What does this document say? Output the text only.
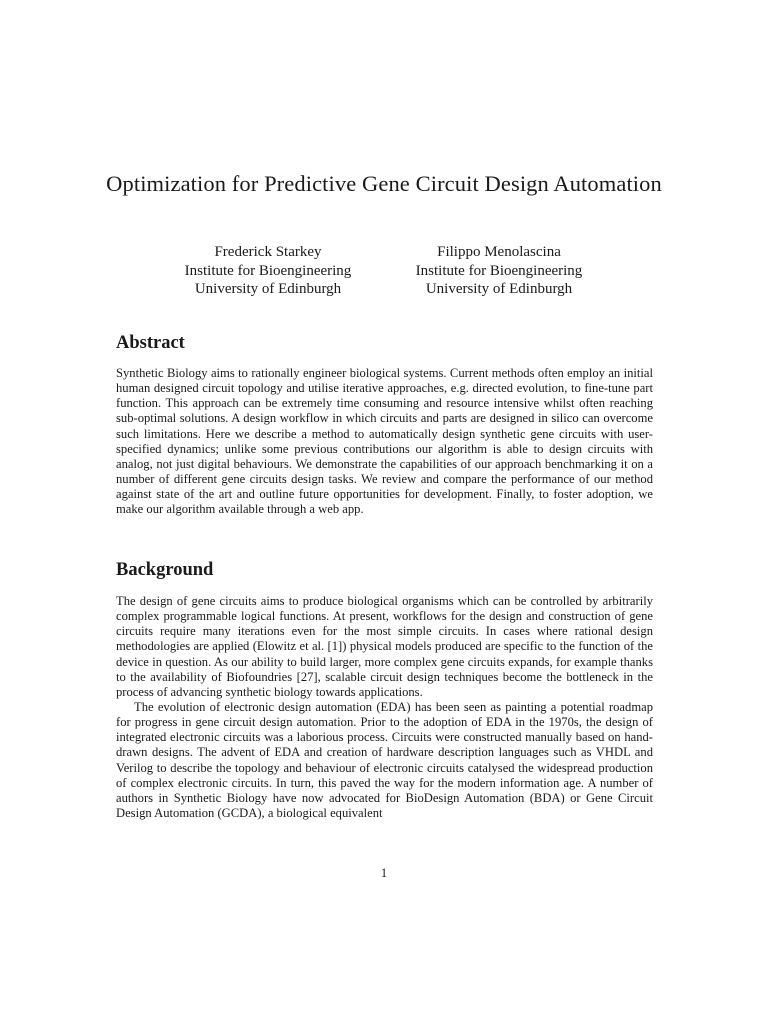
Optimization for Predictive Gene Circuit Design Automation
Frederick Starkey
Institute for Bioengineering
University of Edinburgh
Filippo Menolascina
Institute for Bioengineering
University of Edinburgh
Abstract

Synthetic Biology aims to rationally engineer biological systems. Current methods often employ an initial human designed circuit topology and utilise iterative approaches, e.g. directed evolution, to fine-tune part function. This approach can be extremely time consuming and resource intensive whilst often reaching sub-optimal solutions. A design workflow in which circuits and parts are designed in silico can overcome such limitations. Here we describe a method to automatically design synthetic gene circuits with user-specified dynamics; unlike some previous contributions our algorithm is able to design circuits with analog, not just digital behaviours. We demonstrate the capabilities of our approach benchmarking it on a number of different gene circuits design tasks. We review and compare the performance of our method against state of the art and outline future opportunities for development. Finally, to foster adoption, we make our algorithm available through a web app.

Background

The design of gene circuits aims to produce biological organisms which can be controlled by arbitrarily complex programmable logical functions. At present, workflows for the design and construction of gene circuits require many iterations even for the most simple circuits. In cases where rational design methodologies are applied (Elowitz et al. [1]) physical models produced are specific to the function of the device in question. As our ability to build larger, more complex gene circuits expands, for example thanks to the availability of Biofoundries [27], scalable circuit design techniques become the bottleneck in the process of advancing synthetic biology towards applications.

The evolution of electronic design automation (EDA) has been seen as painting a potential roadmap for progress in gene circuit design automation. Prior to the adoption of EDA in the 1970s, the design of integrated electronic circuits was a laborious process. Circuits were constructed manually based on hand-drawn designs. The advent of EDA and creation of hardware description languages such as VHDL and Verilog to describe the topology and behaviour of electronic circuits catalysed the widespread production of complex electronic circuits. In turn, this paved the way for the modern information age. A number of authors in Synthetic Biology have now advocated for BioDesign Automation (BDA) or Gene Circuit Design Automation (GCDA), a biological equivalent

1
